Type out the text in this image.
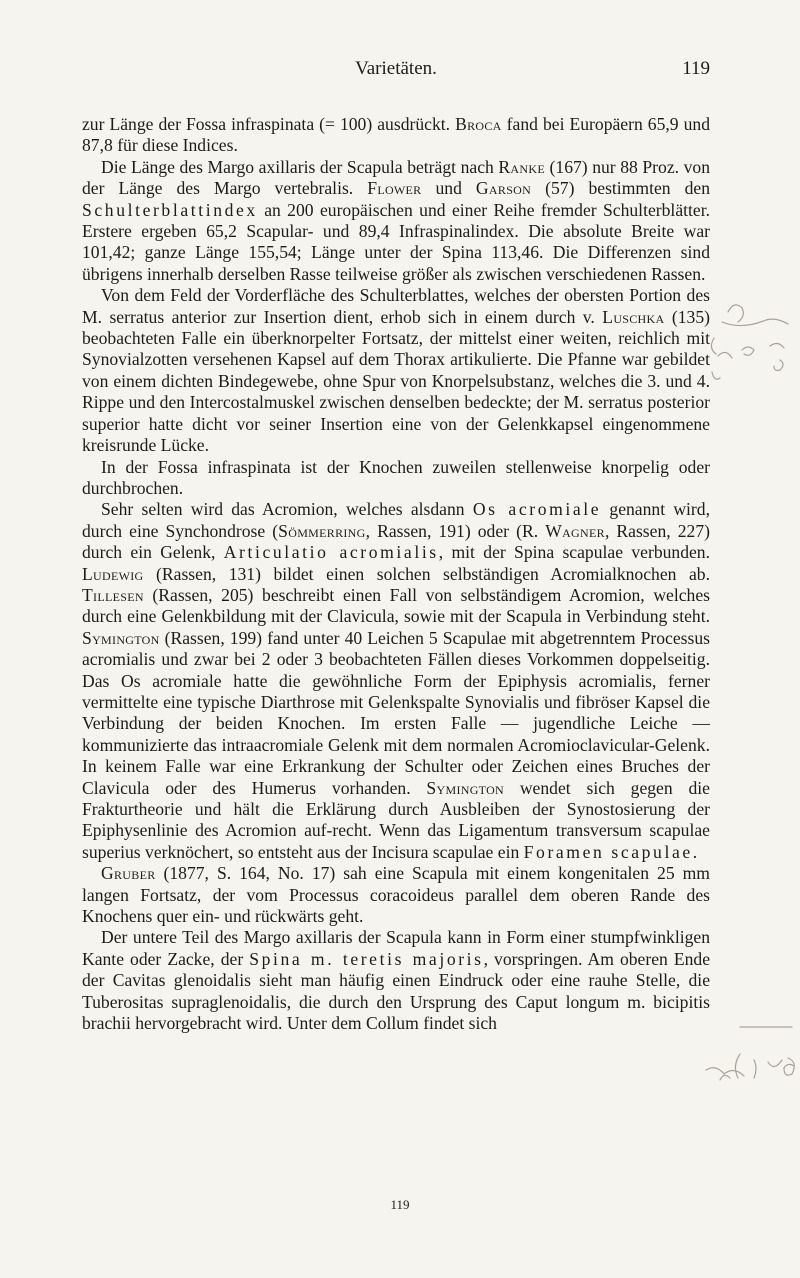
Varietäten.	119

zur Länge der Fossa infraspinata (= 100) ausdrückt. Broca fand bei Europäern 65,9 und 87,8 für diese Indices.

Die Länge des Margo axillaris der Scapula beträgt nach Ranke (167) nur 88 Proz. von der Länge des Margo vertebralis. Flower und Garson (57) bestimmten den Schulterblattindex an 200 europäischen und einer Reihe fremder Schulterblätter. Erstere ergeben 65,2 Scapular- und 89,4 Infraspinalindex. Die absolute Breite war 101,42; ganze Länge 155,54; Länge unter der Spina 113,46. Die Differenzen sind übrigens innerhalb derselben Rasse teilweise größer als zwischen verschiedenen Rassen.

Von dem Feld der Vorderfläche des Schulterblattes, welches der obersten Portion des M. serratus anterior zur Insertion dient, erhob sich in einem durch v. Luschka (135) beobachteten Falle ein überknorpelter Fortsatz, der mittelst einer weiten, reichlich mit Synovialzotten versehenen Kapsel auf dem Thorax artikulierte. Die Pfanne war gebildet von einem dichten Bindegewebe, ohne Spur von Knorpelsubstanz, welches die 3. und 4. Rippe und den Intercostalmuskel zwischen denselben bedeckte; der M. serratus posterior superior hatte dicht vor seiner Insertion eine von der Gelenkkapsel eingenommene kreisrunde Lücke.

In der Fossa infraspinata ist der Knochen zuweilen stellenweise knorpelig oder durchbrochen.

Sehr selten wird das Acromion, welches alsdann Os acromiale genannt wird, durch eine Synchondrose (Sömmerring, Rassen, 191) oder (R. Wagner, Rassen, 227) durch ein Gelenk, Articulatio acromialis, mit der Spina scapulae verbunden. Ludewig (Rassen, 131) bildet einen solchen selbständigen Acromialknochen ab. Tillesen (Rassen, 205) beschreibt einen Fall von selbständigem Acromion, welches durch eine Gelenkbildung mit der Clavicula, sowie mit der Scapula in Verbindung steht. Symington (Rassen, 199) fand unter 40 Leichen 5 Scapulae mit abgetrenntem Processus acromialis und zwar bei 2 oder 3 beobachteten Fällen dieses Vorkommen doppelseitig. Das Os acromiale hatte die gewöhnliche Form der Epiphysis acromialis, ferner vermittelte eine typische Diarthrose mit Gelenkspalte Synovialis und fibröser Kapsel die Verbindung der beiden Knochen. Im ersten Falle — jugendliche Leiche — kommunizierte das intraacromiale Gelenk mit dem normalen Acromioclavicular-Gelenk. In keinem Falle war eine Erkrankung der Schulter oder Zeichen eines Bruches der Clavicula oder des Humerus vorhanden. Symington wendet sich gegen die Frakturtheorie und hält die Erklärung durch Ausbleiben der Synostosierung der Epiphysenlinie des Acromion auf-recht. Wenn das Ligamentum transversum scapulae superius verknöchert, so entsteht aus der Incisura scapulae ein Foramen scapulae.

Gruber (1877, S. 164, No. 17) sah eine Scapula mit einem kongenitalen 25 mm langen Fortsatz, der vom Processus coracoideus parallel dem oberen Rande des Knochens quer ein- und rückwärts geht.

Der untere Teil des Margo axillaris der Scapula kann in Form einer stumpfwinkligen Kante oder Zacke, der Spina m. teretis majoris, vorspringen. Am oberen Ende der Cavitas glenoidalis sieht man häufig einen Eindruck oder eine rauhe Stelle, die Tuberositas supraglenoidalis, die durch den Ursprung des Caput longum m. bicipitis brachii hervorgebracht wird. Unter dem Collum findet sich

119
